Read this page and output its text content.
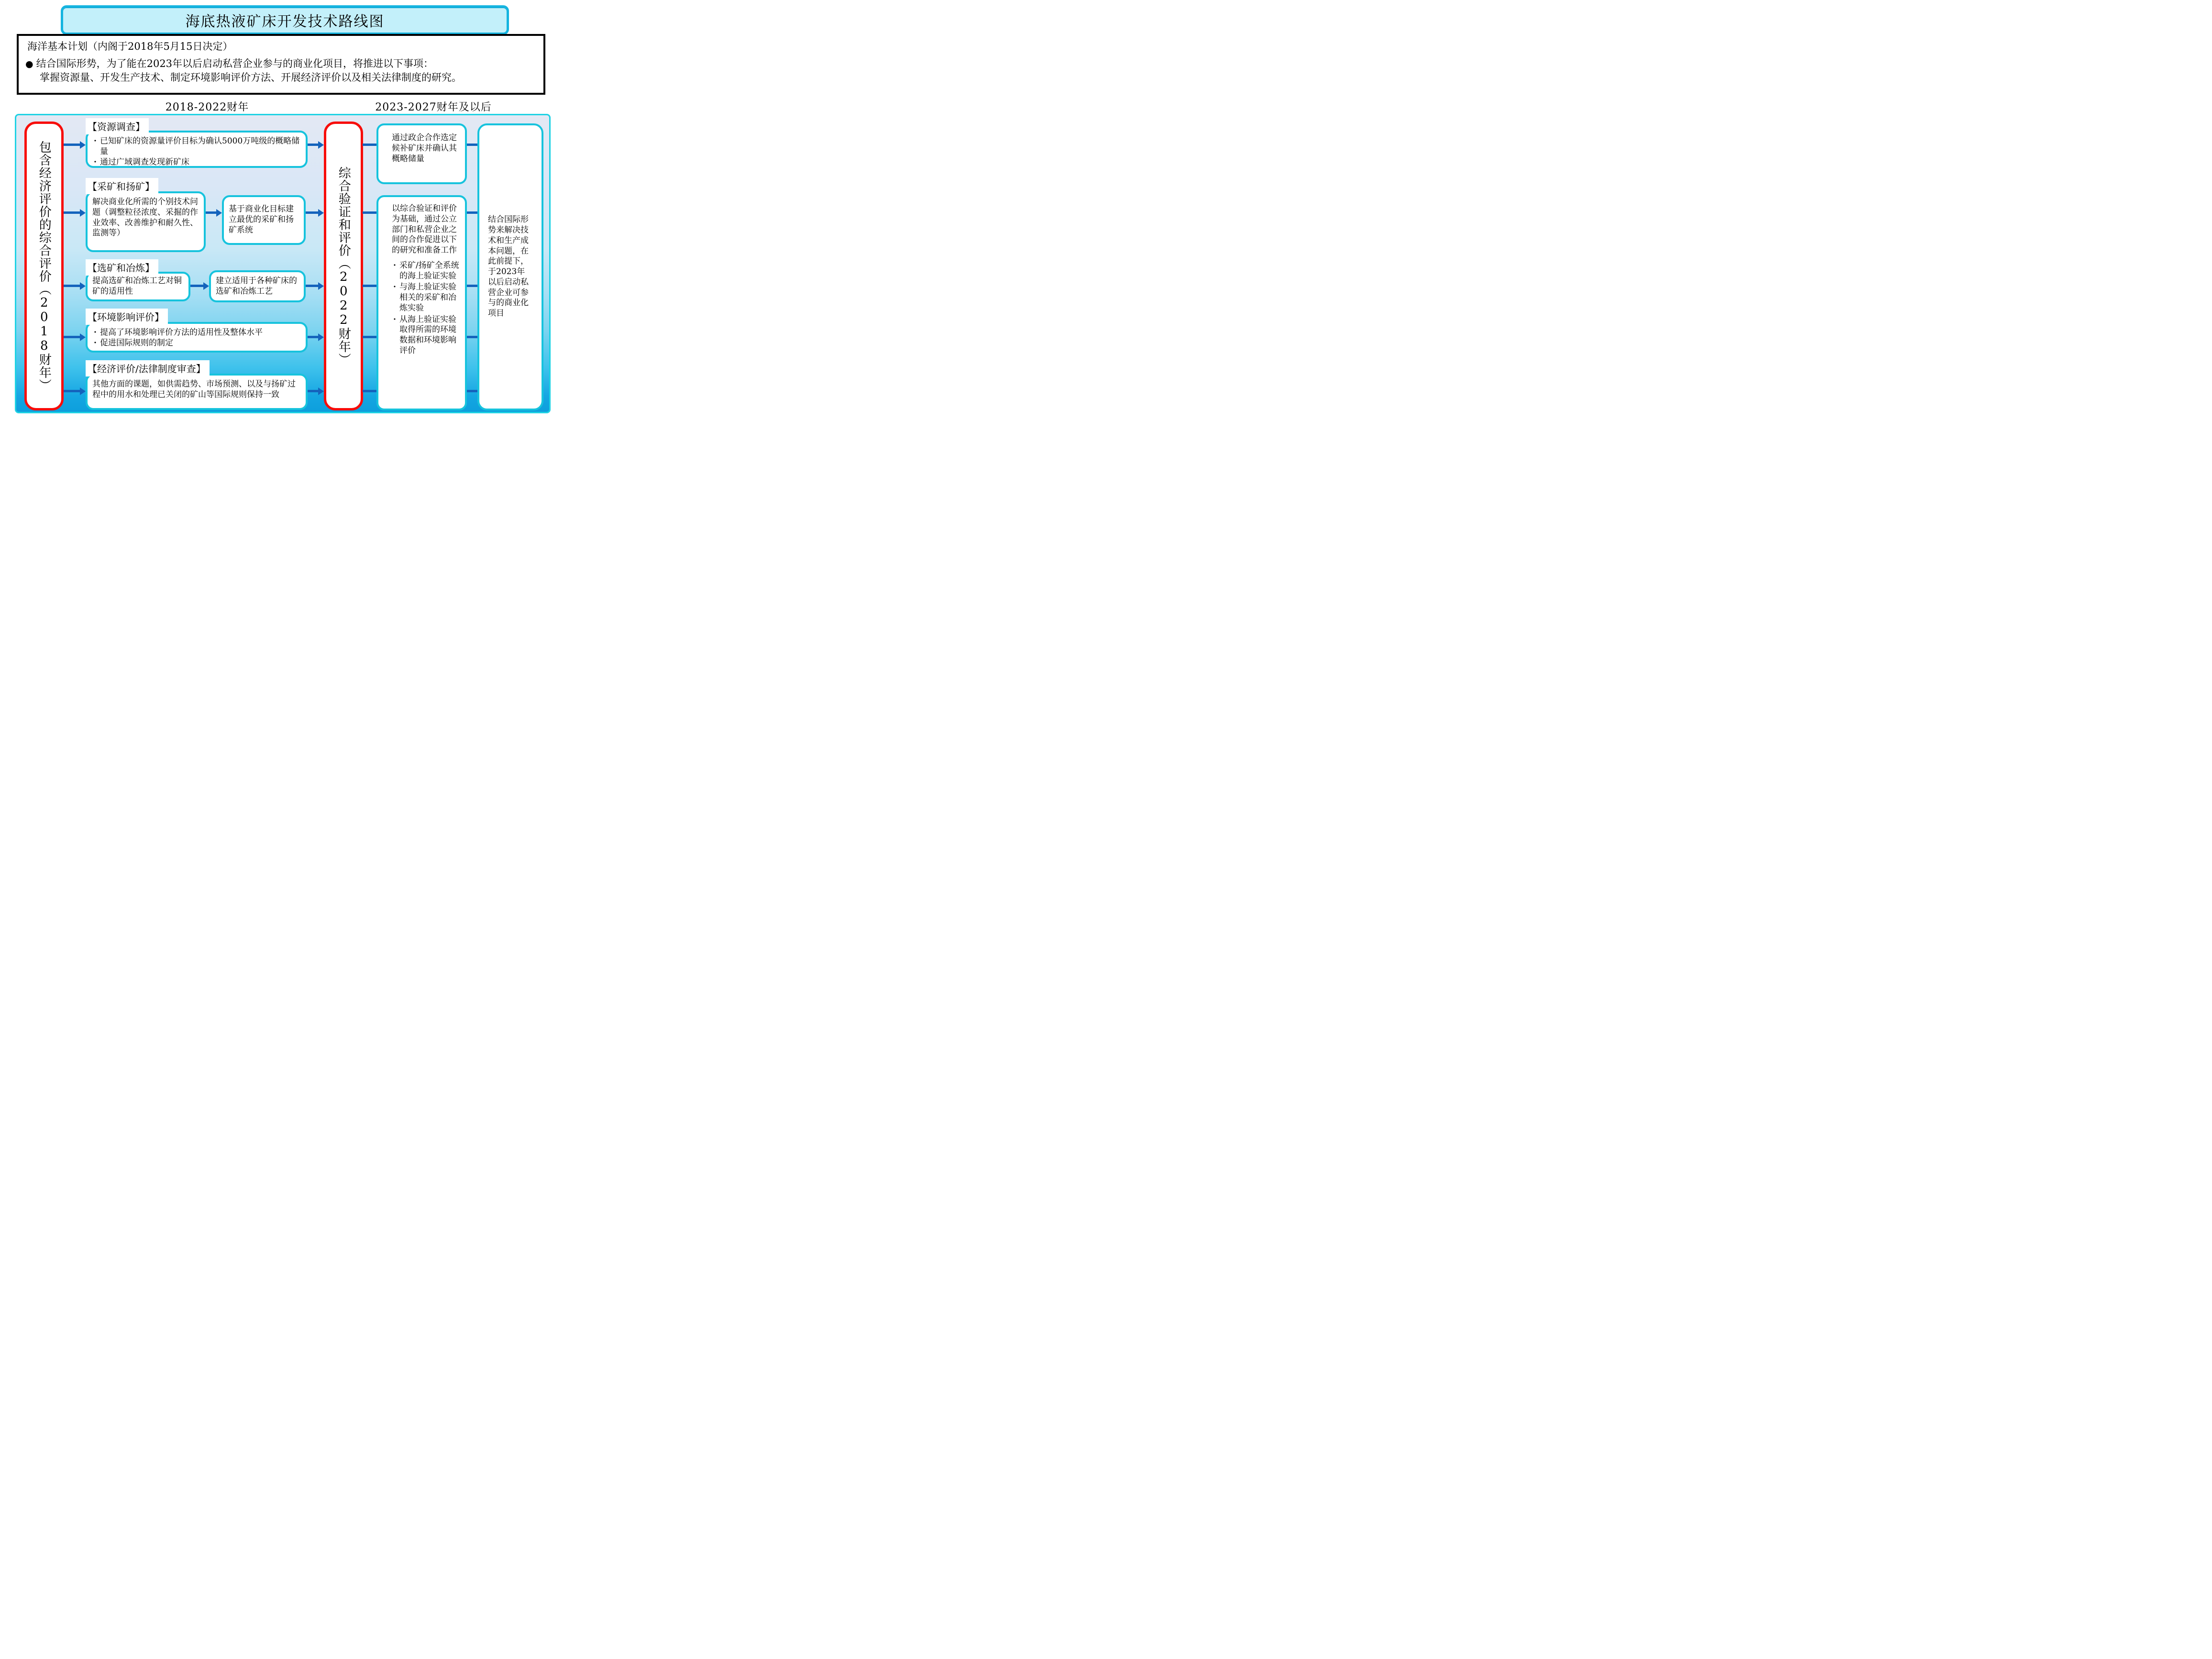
海底热液矿床开发技术路线图

海洋基本计划（内阁于2018年5月15日决定）

● 结合国际形势，为了能在2023年以后启动私营企业参与的商业化项目，将推进以下事项：

掌握资源量、开发生产技术、制定环境影响评价方法、开展经济评价以及相关法律制度的研究。

2018-2022财年	2023-2027财年及以后
包含经济评价的综合评价（2018财年）
综合验证和评价（2022财年）
【资源调查】
· 已知矿床的资源量评价目标为确认5000万吨级的概略储量
· 通过广域调查发现新矿床
【采矿和扬矿】
解决商业化所需的个别技术问题（调整粒径浓度、采掘的作业效率、改善维护和耐久性、监测等）
基于商业化目标建立最优的采矿和扬矿系统
【选矿和冶炼】
提高选矿和冶炼工艺对铜矿的适用性
建立适用于各种矿床的选矿和冶炼工艺
【环境影响评价】
· 提高了环境影响评价方法的适用性及整体水平
· 促进国际规则的制定
【经济评价/法律制度审查】
其他方面的课题，如供需趋势、市场预测、以及与扬矿过程中的用水和处理已关闭的矿山等国际规则保持一致
通过政企合作选定候补矿床并确认其概略储量
以综合验证和评价为基础，通过公立部门和私营企业之间的合作促进以下的研究和准备工作
· 采矿/扬矿全系统的海上验证实验
· 与海上验证实验相关的采矿和冶炼实验
· 从海上验证实验取得所需的环境数据和环境影响评价
结合国际形势来解决技术和生产成本问题，在此前提下，于2023年以后启动私营企业可参与的商业化项目
